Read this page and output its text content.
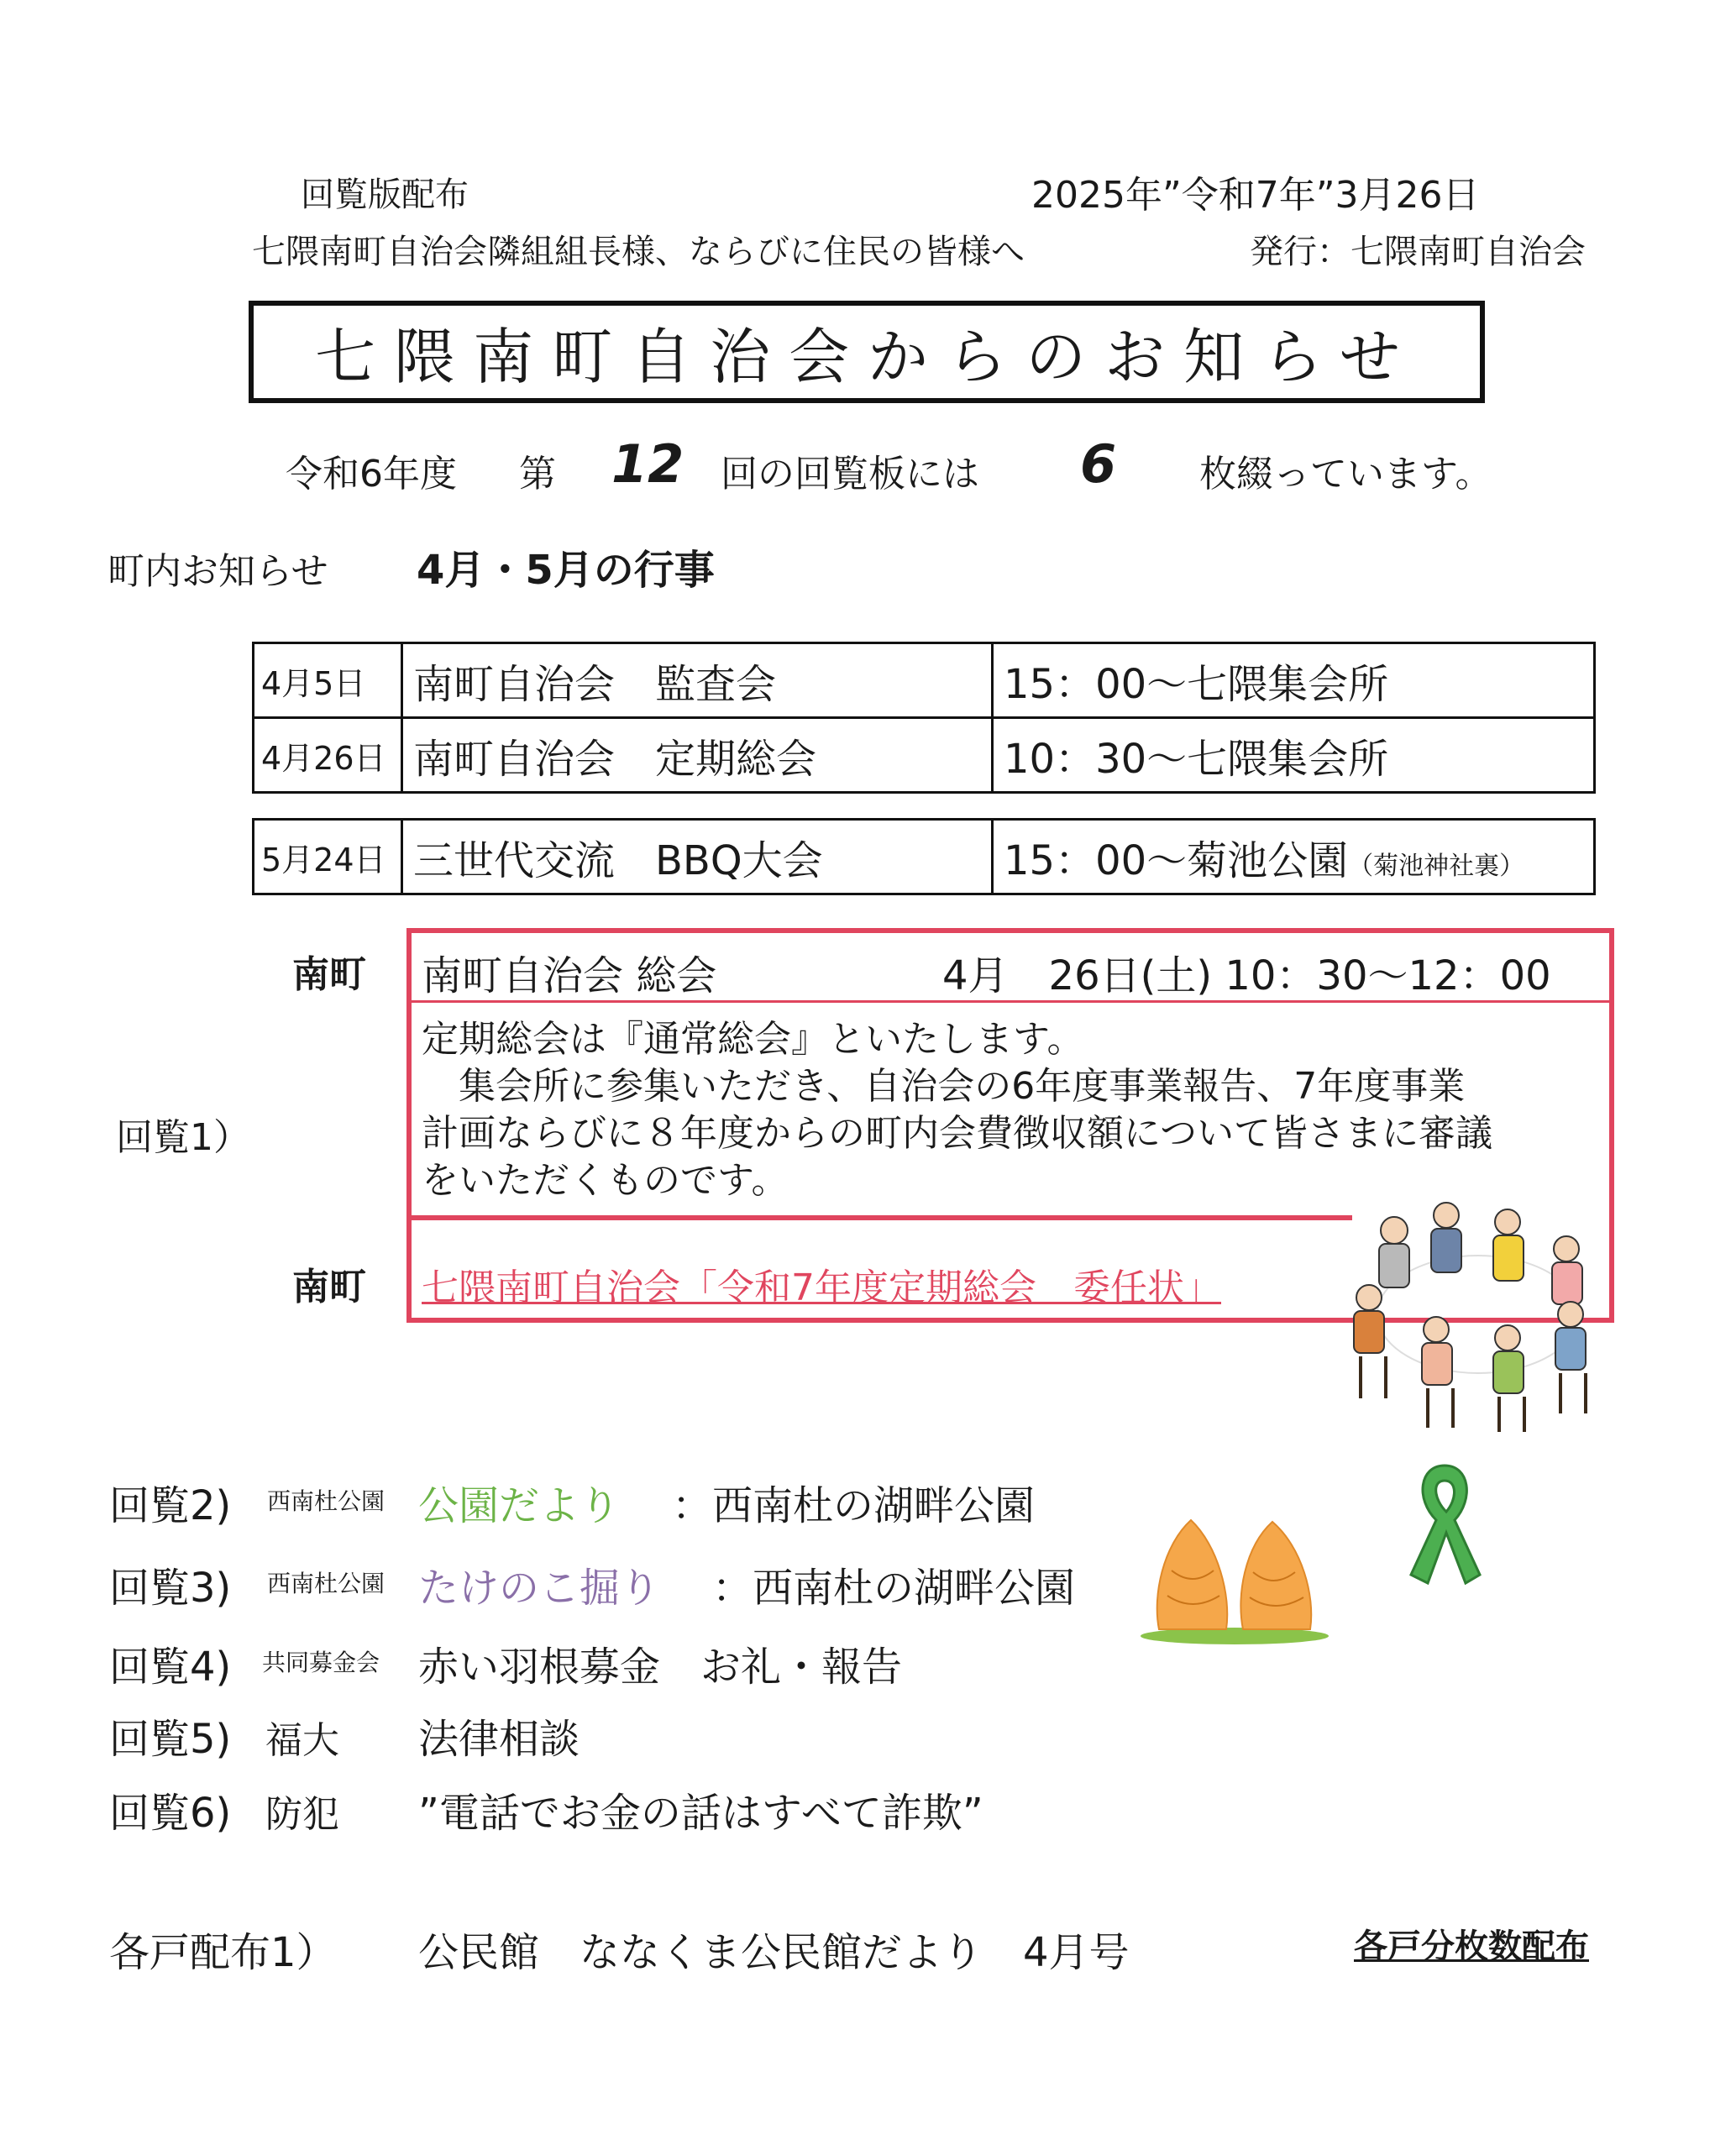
回覧版配布	2025年”令和7年”3月26日
七隈南町自治会隣組組長様、ならびに住民の皆様へ	発行：七隈南町自治会
七隈南町自治会からのお知らせ
令和6年度 第 12 回の回覧板には 6 枚綴っています。
町内お知らせ 4月・5月の行事
4月5日	南町自治会　監査会	15：00～七隈集会所
4月26日	南町自治会　定期総会	10：30～七隈集会所
5月24日	三世代交流　BBQ大会	15：00～菊池公園（菊池神社裏）
南町
回覧1）
南町
南町自治会 総会	4月　26日(土) 10：30～12：00
定期総会は『通常総会』といたします。
　集会所に参集いただき、自治会の6年度事業報告、7年度事業
計画ならびに８年度からの町内会費徴収額について皆さまに審議
をいただくものです。
七隈南町自治会「令和7年度定期総会　委任状」
回覧2) 西南杜公園 公園だより ：西南杜の湖畔公園
回覧3) 西南杜公園 たけのこ掘り ：西南杜の湖畔公園
回覧4) 共同募金会 赤い羽根募金　お礼・報告
回覧5) 福大 法律相談
回覧6) 防犯 ”電話でお金の話はすべて詐欺”
各戸配布1） 公民館　ななくま公民館だより　4月号	各戸分枚数配布
